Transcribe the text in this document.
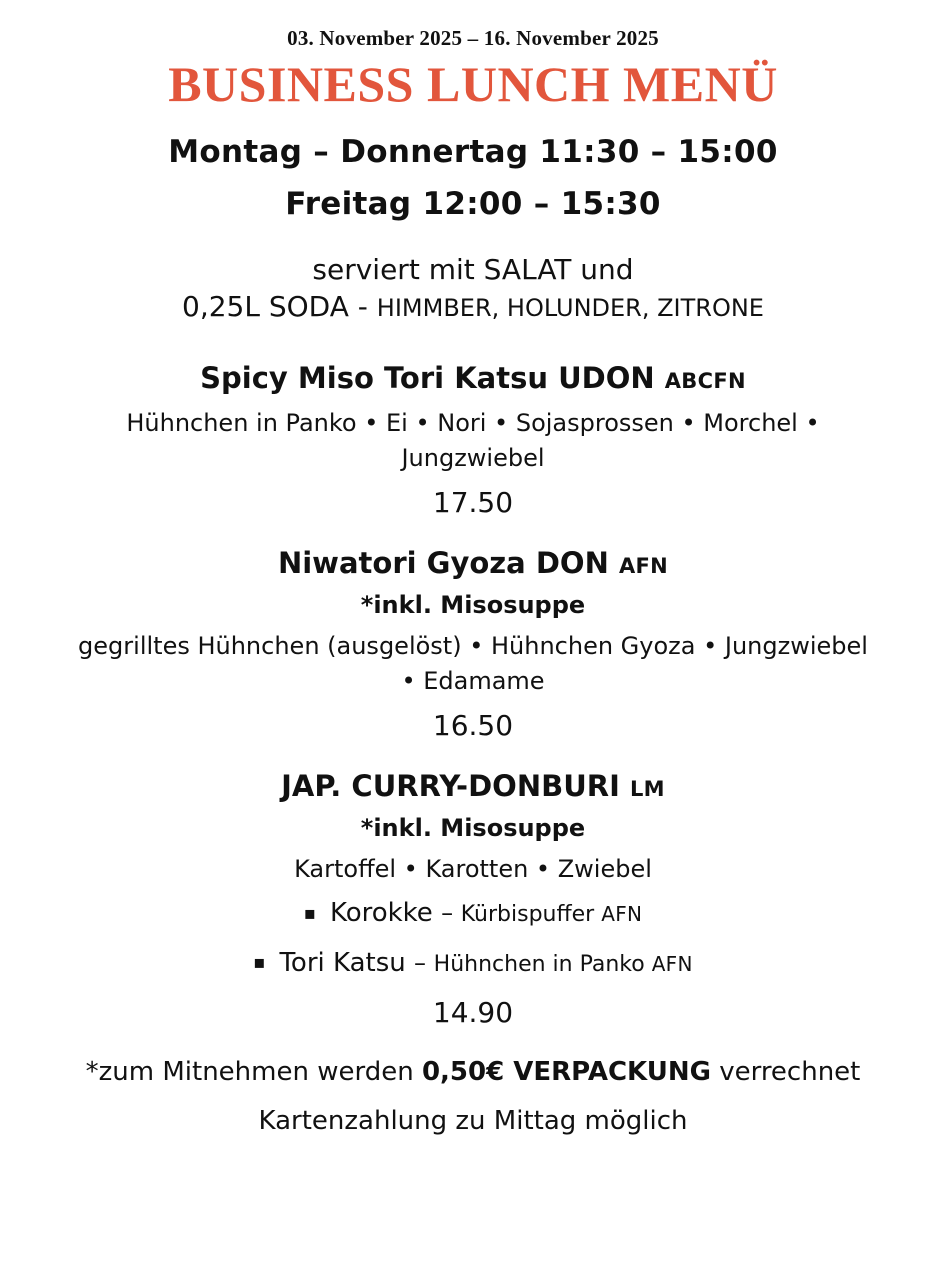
03. November 2025 – 16. November 2025
BUSINESS LUNCH MENÜ
Montag – Donnertag 11:30 – 15:00
Freitag 12:00 – 15:30
serviert mit SALAT und
0,25L SODA - HIMMBER, HOLUNDER, ZITRONE
Spicy Miso Tori Katsu UDON ABCFN
Hühnchen in Panko • Ei • Nori • Sojasprossen • Morchel • Jungzwiebel
17.50
Niwatori Gyoza DON AFN
*inkl. Misosuppe
gegrilltes Hühnchen (ausgelöst) • Hühnchen Gyoza • Jungzwiebel • Edamame
16.50
JAP. CURRY-DONBURI LM
*inkl. Misosuppe
Kartoffel • Karotten • Zwiebel
▪ Korokke – Kürbispuffer AFN
▪ Tori Katsu – Hühnchen in Panko AFN
14.90
*zum Mitnehmen werden 0,50€ VERPACKUNG verrechnet
Kartenzahlung zu Mittag möglich
